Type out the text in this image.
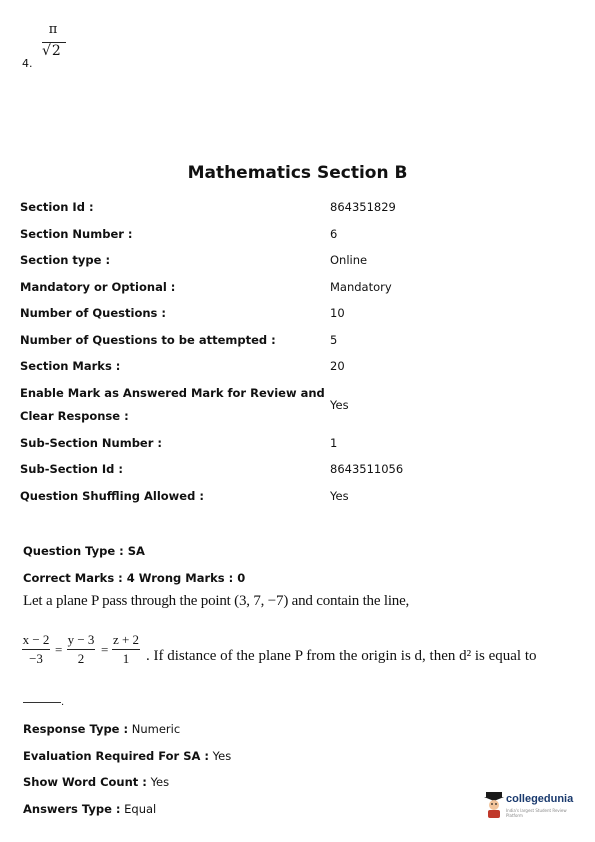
4.
π
√2
Mathematics Section B
Section Id :	864351829
Section Number :	6
Section type :	Online
Mandatory or Optional :	Mandatory
Number of Questions :	10
Number of Questions to be attempted :	5
Section Marks :	20
Enable Mark as Answered Mark for Review and
Clear Response :
Yes
Sub-Section Number :	1
Sub-Section Id :	8643511056
Question Shuffling Allowed :	Yes
Question Type : SA
Correct Marks : 4 Wrong Marks : 0
Let a plane P pass through the point (3, 7, −7) and contain the line,
x − 2
−3
=
y − 3
2
=
z + 2
1	. If distance of the plane P from the origin is d, then d² is equal to
.
Response Type : Numeric
Evaluation Required For SA : Yes
Show Word Count : Yes
Answers Type : Equal
collegedunia
India's largest Student Review Platform
